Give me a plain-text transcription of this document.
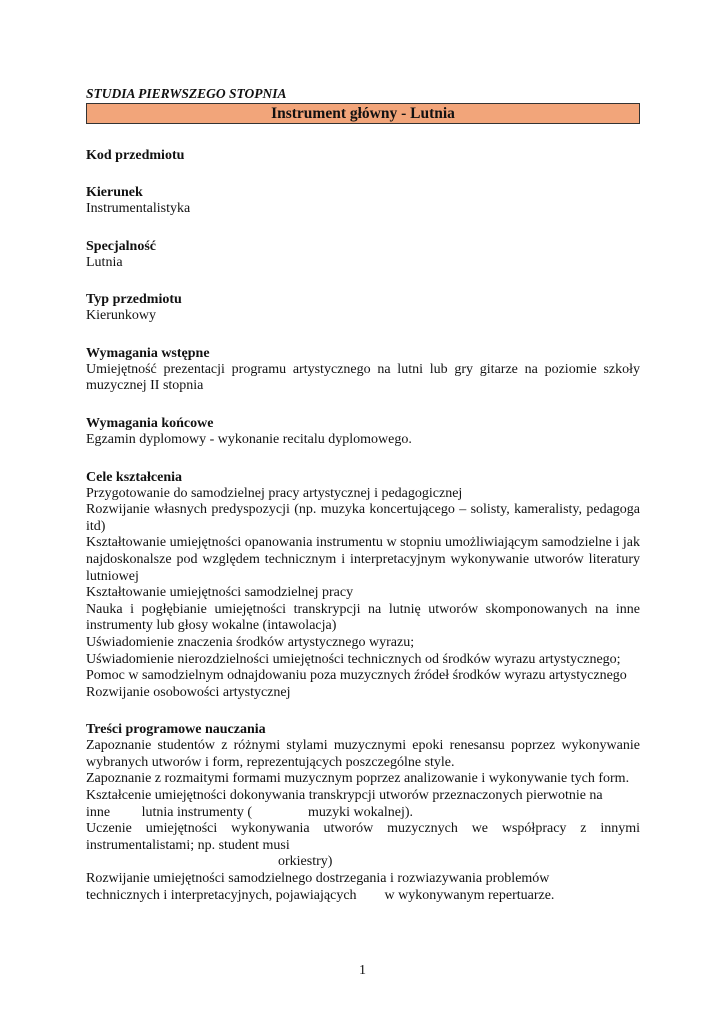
STUDIA PIERWSZEGO STOPNIA
Instrument główny - Lutnia
Kod przedmiotu
Kierunek
Instrumentalistyka
Specjalność
Lutnia
Typ przedmiotu
Kierunkowy
Wymagania wstępne
Umiejętność prezentacji programu artystycznego na lutni lub gry gitarze na poziomie szkoły muzycznej II stopnia
Wymagania końcowe
Egzamin dyplomowy - wykonanie recitalu dyplomowego.
Cele kształcenia
Przygotowanie do samodzielnej pracy artystycznej i pedagogicznej
Rozwijanie własnych predyspozycji (np. muzyka koncertującego – solisty, kameralisty, pedagoga itd)
Kształtowanie umiejętności opanowania instrumentu w stopniu umożliwiającym samodzielne i jak najdoskonalsze pod względem technicznym i interpretacyjnym wykonywanie utworów literatury lutniowej
Kształtowanie umiejętności samodzielnej pracy
Nauka i pogłębianie umiejętności transkrypcji na lutnię utworów skomponowanych na inne instrumenty lub głosy wokalne (intawolacja)
Uświadomienie znaczenia środków artystycznego wyrazu;
Uświadomienie nierozdzielności umiejętności technicznych od środków wyrazu artystycznego;
Pomoc w samodzielnym odnajdowaniu poza muzycznych źródeł środków wyrazu artystycznego
Rozwijanie osobowości artystycznej
Treści programowe nauczania
Zapoznanie studentów z różnymi stylami muzycznymi epoki renesansu poprzez wykonywanie wybranych utworów i form, reprezentujących poszczególne style.
Zapoznanie z rozmaitymi formami muzycznym poprzez analizowanie i wykonywanie tych form.
Kształcenie umiejętności dokonywania transkrypcji utworów przeznaczonych pierwotnie na
inne         lutnia instrumenty (                muzyki wokalnej).
Uczenie umiejętności wykonywania utworów muzycznych we współpracy z innymi instrumentalistami; np. student musi
orkiestry)
Rozwijanie umiejętności samodzielnego dostrzegania i rozwiazywania problemów
technicznych i interpretacyjnych, pojawiających        w wykonywanym repertuarze.
1
